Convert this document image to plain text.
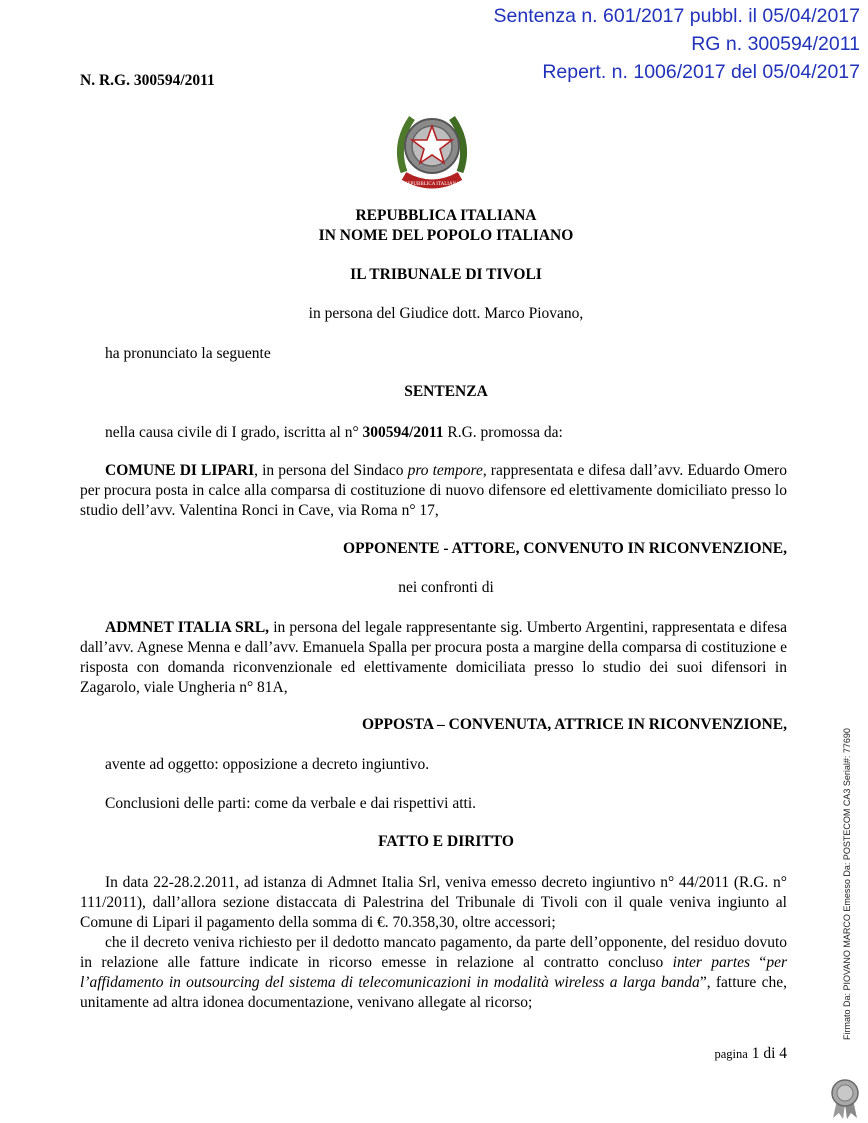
Sentenza n. 601/2017 pubbl. il 05/04/2017
RG n. 300594/2011
Repert. n. 1006/2017 del 05/04/2017
N. R.G. 300594/2011
REPUBBLICA ITALIANA
REPUBBLICA ITALIANA
IN NOME DEL POPOLO ITALIANO
IL TRIBUNALE DI TIVOLI
in persona del Giudice dott. Marco Piovano,
ha pronunciato la seguente
SENTENZA
nella causa civile di I grado, iscritta al n° 300594/2011 R.G. promossa da:
COMUNE DI LIPARI, in persona del Sindaco pro tempore, rappresentata e difesa dall’avv. Eduardo Omero per procura posta in calce alla comparsa di costituzione di nuovo difensore ed elettivamente domiciliato presso lo studio dell’avv. Valentina Ronci in Cave, via Roma n° 17,
OPPONENTE - ATTORE, CONVENUTO IN RICONVENZIONE,
nei confronti di
ADMNET ITALIA SRL, in persona del legale rappresentante sig. Umberto Argentini, rappresentata e difesa dall’avv. Agnese Menna e dall’avv. Emanuela Spalla per procura posta a margine della comparsa di costituzione e risposta con domanda riconvenzionale ed elettivamente domiciliata presso lo studio dei suoi difensori in Zagarolo, viale Ungheria n° 81A,
OPPOSTA – CONVENUTA, ATTRICE IN RICONVENZIONE,
avente ad oggetto: opposizione a decreto ingiuntivo.
Conclusioni delle parti: come da verbale e dai rispettivi atti.
FATTO E DIRITTO
In data 22-28.2.2011, ad istanza di Admnet Italia Srl, veniva emesso decreto ingiuntivo n° 44/2011 (R.G. n° 111/2011), dall’allora sezione distaccata di Palestrina del Tribunale di Tivoli con il quale veniva ingiunto al Comune di Lipari il pagamento della somma di €. 70.358,30, oltre accessori;
che il decreto veniva richiesto per il dedotto mancato pagamento, da parte dell’opponente, del residuo dovuto in relazione alle fatture indicate in ricorso emesse in relazione al contratto concluso inter partes “per l’affidamento in outsourcing del sistema di telecomunicazioni in modalità wireless a larga banda”, fatture che, unitamente ad altra idonea documentazione, venivano allegate al ricorso;
pagina 1 di 4
Firmato Da: PIOVANO MARCO Emesso Da: POSTECOM CA3 Serial#: 77690
